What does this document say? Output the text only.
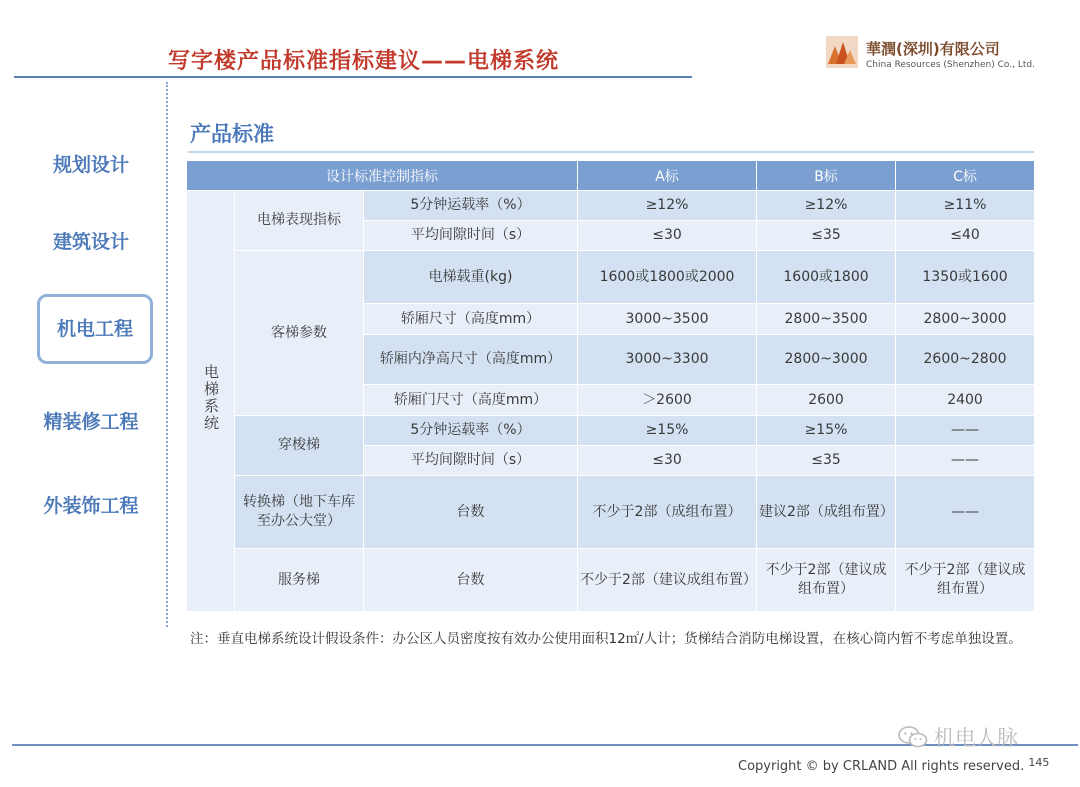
写字楼产品标准指标建议——电梯系统	華潤(深圳)有限公司
China Resources (Shenzhen) Co., Ltd.
规划设计
建筑设计
机电工程
精装修工程
外装饰工程
产品标准
设计标准控制指标			A标	B标	C标
电梯系统	电梯表现指标	5分钟运载率（%）	≥12%	≥12%	≥11%
		平均间隙时间（s）	≤30	≤35	≤40
	客梯参数	电梯载重(kg)	1600或1800或2000	1600或1800	1350或1600
		轿厢尺寸（高度mm）	3000~3500	2800~3500	2800~3000
		轿厢内净高尺寸（高度mm）	3000~3300	2800~3000	2600~2800
		轿厢门尺寸（高度mm）	＞2600	2600	2400
	穿梭梯	5分钟运载率（%）	≥15%	≥15%	——
		平均间隙时间（s）	≤30	≤35	——
	转换梯（地下车库至办公大堂）	台数	不少于2部（成组布置）	建议2部（成组布置）	——
	服务梯	台数	不少于2部（建议成组布置）	不少于2部（建议成组布置）	不少于2部（建议成组布置）
注：垂直电梯系统设计假设条件：办公区人员密度按有效办公使用面积12㎡/人计；货梯结合消防电梯设置，在核心筒内暂不考虑单独设置。
机电人脉
Copyright © by CRLAND All rights reserved. $^{145}$
